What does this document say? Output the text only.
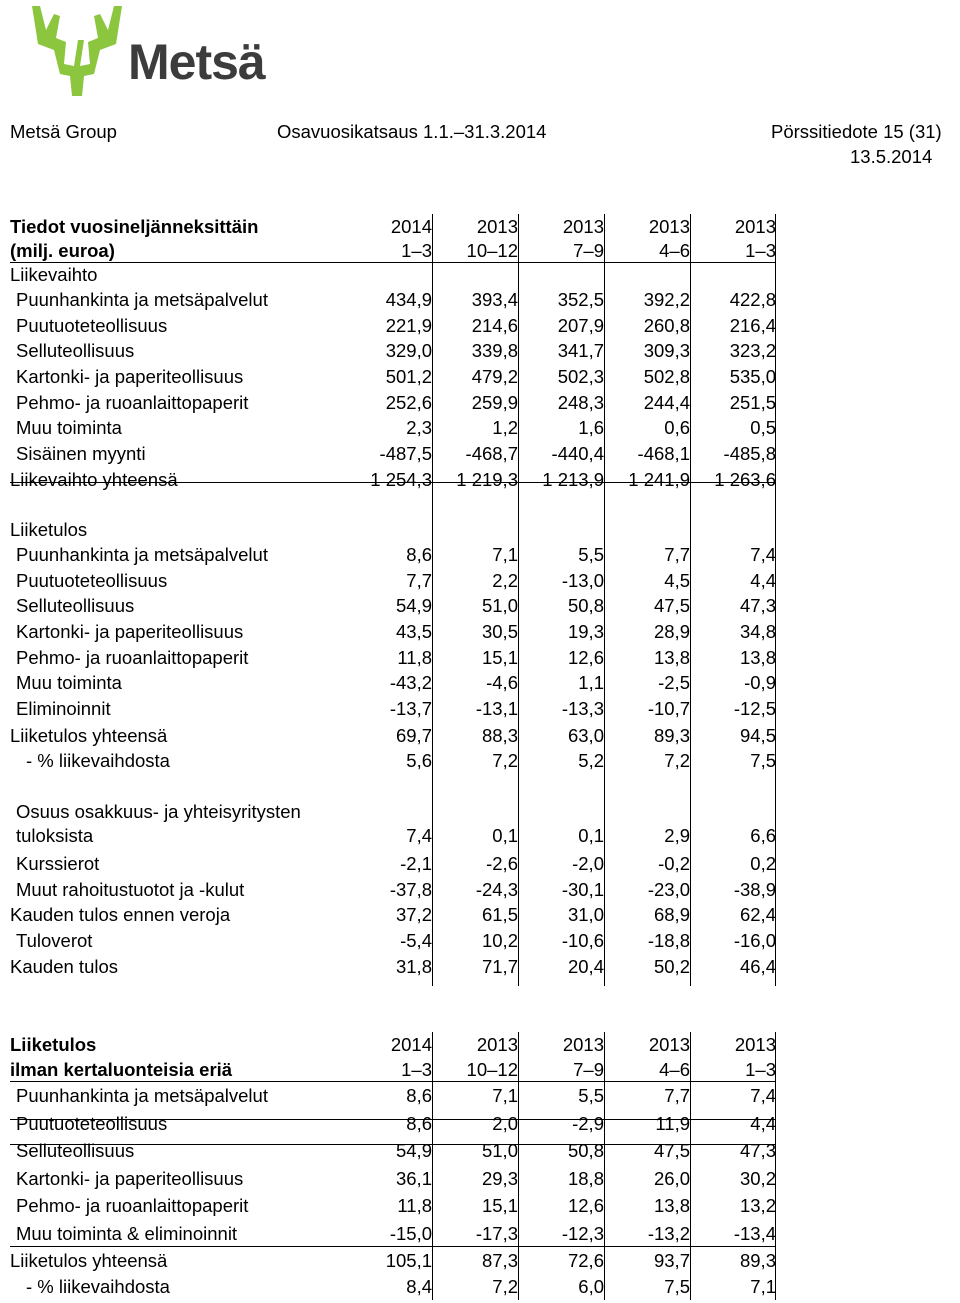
Metsä
Metsä Group	Osavuosikatsaus 1.1.–31.3.2014	Pörssitiedote 15 (31)
13.5.2014
Tiedot vuosineljänneksittäin	2014	2013	2013	2013	2013
(milj. euroa)	1–3	10–12	7–9	4–6	1–3
Liikevaihto
Puunhankinta ja metsäpalvelut	434,9	393,4	352,5	392,2	422,8
Puutuoteteollisuus	221,9	214,6	207,9	260,8	216,4
Selluteollisuus	329,0	339,8	341,7	309,3	323,2
Kartonki- ja paperiteollisuus	501,2	479,2	502,3	502,8	535,0
Pehmo- ja ruoanlaittopaperit	252,6	259,9	248,3	244,4	251,5
Muu toiminta	2,3	1,2	1,6	0,6	0,5
Sisäinen myynti	-487,5	-468,7	-440,4	-468,1	-485,8
Liikevaihto yhteensä	1 254,3	1 219,3	1 213,9	1 241,9	1 263,6
Liiketulos
Puunhankinta ja metsäpalvelut	8,6	7,1	5,5	7,7	7,4
Puutuoteteollisuus	7,7	2,2	-13,0	4,5	4,4
Selluteollisuus	54,9	51,0	50,8	47,5	47,3
Kartonki- ja paperiteollisuus	43,5	30,5	19,3	28,9	34,8
Pehmo- ja ruoanlaittopaperit	11,8	15,1	12,6	13,8	13,8
Muu toiminta	-43,2	-4,6	1,1	-2,5	-0,9
Eliminoinnit	-13,7	-13,1	-13,3	-10,7	-12,5
Liiketulos yhteensä	69,7	88,3	63,0	89,3	94,5
- % liikevaihdosta	5,6	7,2	5,2	7,2	7,5
Osuus osakkuus- ja yhteisyritysten
tuloksista	7,4	0,1	0,1	2,9	6,6
Kurssierot	-2,1	-2,6	-2,0	-0,2	0,2
Muut rahoitustuotot ja -kulut	-37,8	-24,3	-30,1	-23,0	-38,9
Kauden tulos ennen veroja	37,2	61,5	31,0	68,9	62,4
Tuloverot	-5,4	10,2	-10,6	-18,8	-16,0
Kauden tulos	31,8	71,7	20,4	50,2	46,4
Liiketulos	2014	2013	2013	2013	2013
ilman kertaluonteisia eriä	1–3	10–12	7–9	4–6	1–3
Puunhankinta ja metsäpalvelut	8,6	7,1	5,5	7,7	7,4
Puutuoteteollisuus	8,6	2,0	-2,9	11,9	4,4
Selluteollisuus	54,9	51,0	50,8	47,5	47,3
Kartonki- ja paperiteollisuus	36,1	29,3	18,8	26,0	30,2
Pehmo- ja ruoanlaittopaperit	11,8	15,1	12,6	13,8	13,2
Muu toiminta & eliminoinnit	-15,0	-17,3	-12,3	-13,2	-13,4
Liiketulos yhteensä	105,1	87,3	72,6	93,7	89,3
- % liikevaihdosta	8,4	7,2	6,0	7,5	7,1
